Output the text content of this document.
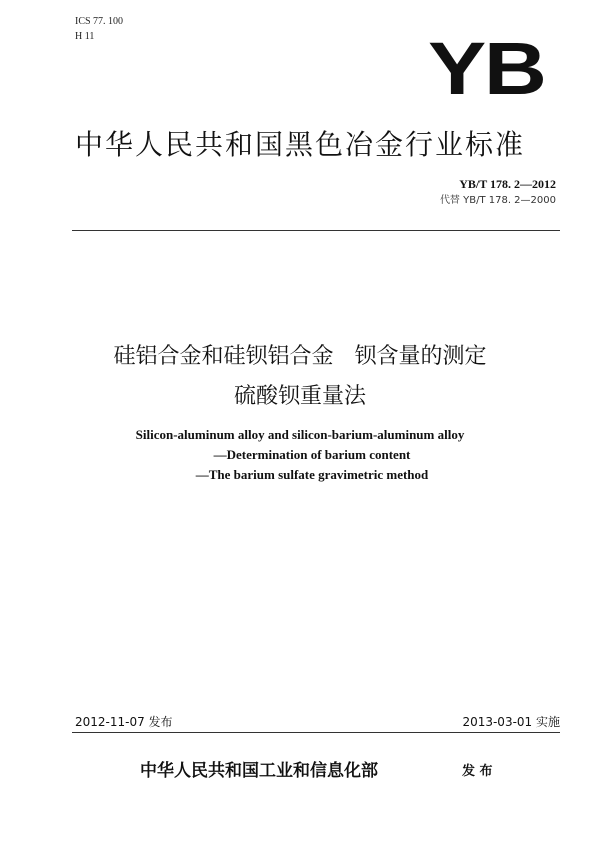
ICS 77. 100
H 11	YB
中华人民共和国黑色冶金行业标准
YB/T 178. 2—2012
代替 YB/T 178. 2—2000
硅铝合金和硅钡铝合金   钡含量的测定
硫酸钡重量法
Silicon-aluminum alloy and silicon-barium-aluminum alloy
—Determination of barium content
—The barium sulfate gravimetric method
2012-11-07 发布	2013-03-01 实施
中华人民共和国工业和信息化部	发 布
